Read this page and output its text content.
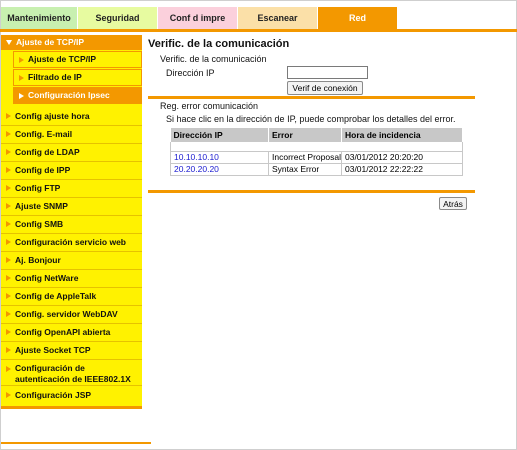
Mantenimiento	Seguridad	Conf d impre	Escanear	Red
Ajuste de TCP/IP
Ajuste de TCP/IP
Filtrado de IP
Configuración Ipsec
Config ajuste hora
Config. E-mail
Config de LDAP
Config de IPP
Config FTP
Ajuste SNMP
Config SMB
Configuración servicio web
Aj. Bonjour
Config NetWare
Config de AppleTalk
Config. servidor WebDAV
Config OpenAPI abierta
Ajuste Socket TCP
Configuración de autenticación de IEEE802.1X
Configuración JSP
Verific. de la comunicación
Verific. de la comunicación
Dirección IP
Verif de conexión
Reg. error comunicación
Si hace clic en la dirección de IP, puede comprobar los detalles del error.
Dirección IP	Error	Hora de incidencia

10.10.10.10	Incorrect Proposal	03/01/2012 20:20:20
20.20.20.20	Syntax Error	03/01/2012 22:22:22
Atrás
